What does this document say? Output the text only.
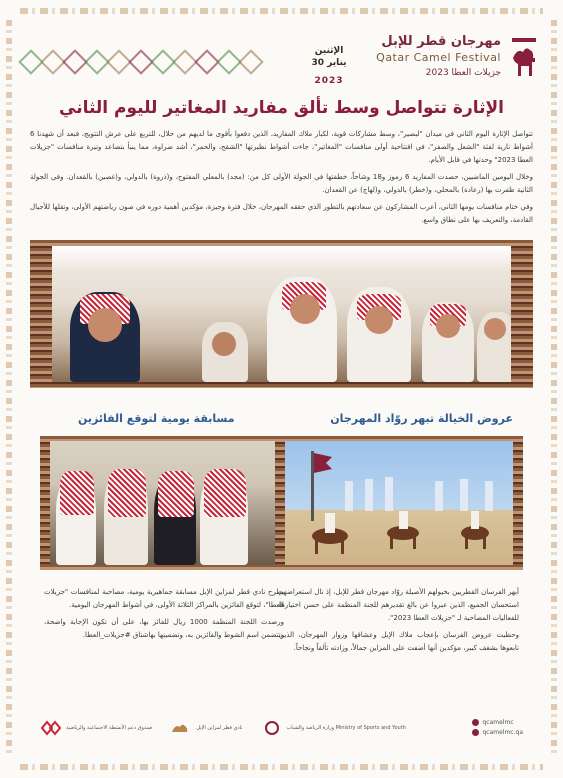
الإثنين
30 يناير
2023
مهرجان قطر للإبل
Qatar Camel Festival
جزيلات العطا 2023
الإثارة تتواصل وسط تألق مفاريد المغاتير لليوم الثاني

تتواصل الإثارة اليوم الثاني في ميدان "لبصير"، وسط مشاركات قوية، لكبار ملاك المفاريد، الذين دفعوا بأقوى ما لديهم من حلال، للتربع على عرش التتويج، فبعد أن شهدنا 6 أشواط نارية لفئة "الشعل والصفر"، في افتتاحية أولى منافسات "المغاتير"، جاءت أشواط نظيرتها "الشقح، والحمر"، أشد ضراوة، مما ينبأ بتصاعد وتيرة منافسات "جزيلات العطا 2023" وحدتها في قابل الأيام.

وخلال اليومين الماضيين، حصدت المفاريد 6 رموز و18 وشاحاً، خطفتها في الجولة الأولى كل من: (مجد) بالمعلي المفتوح، و(ذروة) بالدولي، و(غصين) بالقعدان. وفي الجولة الثانية ظفرت بها (رعادة) بالمحلي، و(خطر) بالدولي، و(لهاج) عن القعدان.

وفي ختام منافسات يومها الثاني، أعرب المشاركون عن سعادتهم بالتطور الذي حققه المهرجان، خلال فترة وجيزة، مؤكدين أهمية دوره في صون رياضتهم الأولى، ونقلها للأجيال القادمة، والتعريف بها على نطاق واسع.

عروض الخيالة تبهر روّاد المهرجان
مسابقة يومية لتوقع الفائزين

أبهر الفرسان القطريين بخيولهم الأصيلة روّاد مهرجان قطر للإبل، إذ نال استعراضهم استحسان الجميع، الذين عبروا عن بالغ تقديرهم للجنة المنظمة على حسن اختيارها للفعاليات المصاحبة لـ "جزيلات العطا 2023".

وحظيت عروض الفرسان بإعجاب ملاك الإبل وعشاقها وزوار المهرجان، الذين تابعوها بشغف كبير، مؤكدين أنها أضفت على المزاين جمالاً، وزادته تألقاً ونجاحاً.

يطرح نادي قطر لمزاين الإبل مسابقة جماهيرية يومية، مصاحبة لمنافسات "جزيلات العطا"، لتوقع الفائزين بالمراكز الثلاثة الأولى، في أشواط المهرجان اليومية.

ورصدت اللجنة المنظمة 1000 ريال للفائز بها، على أن تكون الإجابة واضحة، وتتضمن اسم الشوط والفائزين به، وتضمينها بهاشتاق #جزيلات_العطا.

صندوق دعم الأنشطة الاجتماعية والرياضية	نادي قطر لمزاين الإبل	وزارة الرياضة والشباب Ministry of Sports and Youth
qcamelmc
qcamelmc.qa
